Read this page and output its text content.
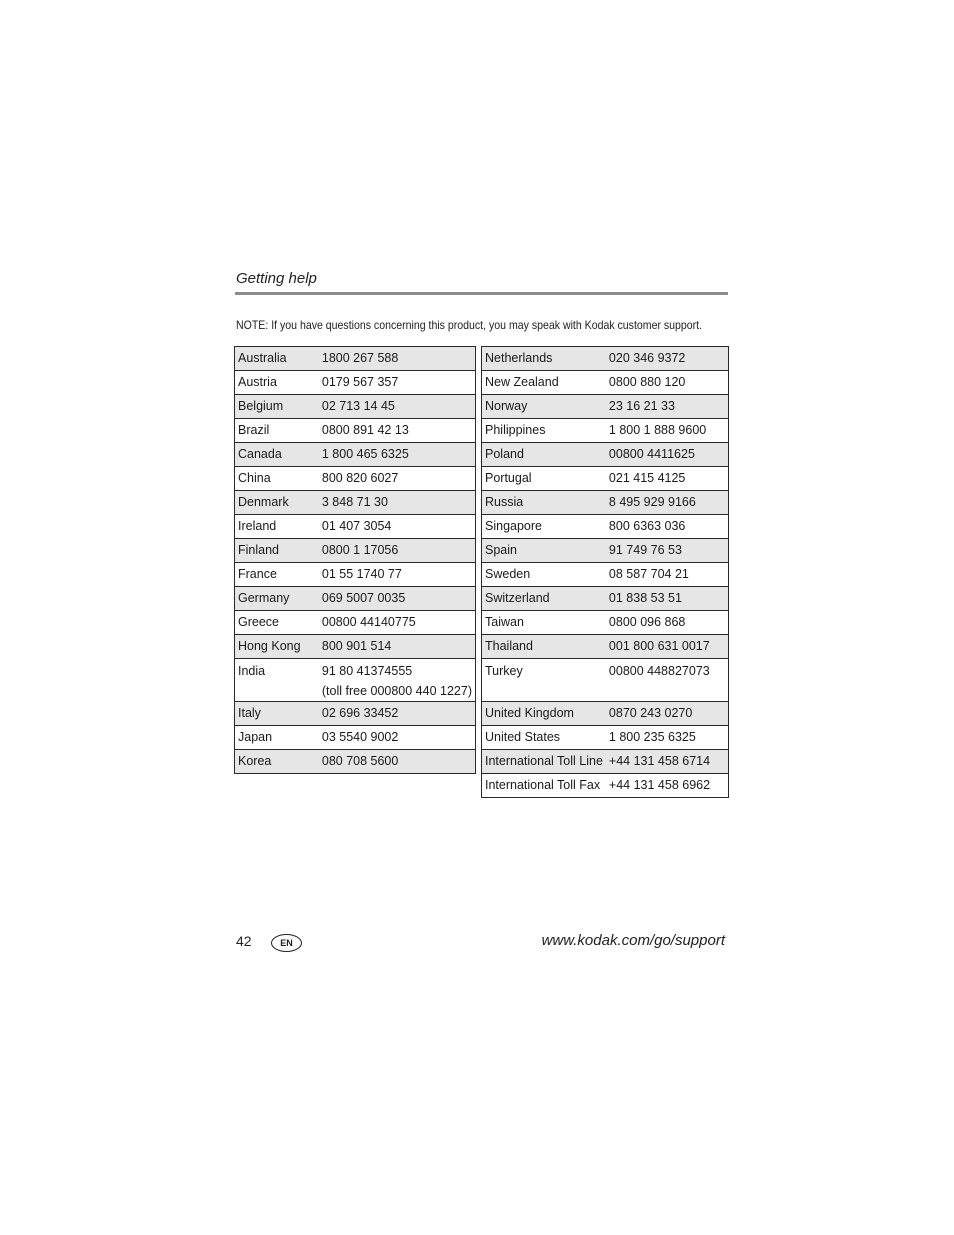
Getting help
NOTE: If you have questions concerning this product, you may speak with Kodak customer support.
Australia	1800 267 588
Austria	0179 567 357
Belgium	02 713 14 45
Brazil	0800 891 42 13
Canada	1 800 465 6325
China	800 820 6027
Denmark	3 848 71 30
Ireland	01 407 3054
Finland	0800 1 17056
France	01 55 1740 77
Germany	069 5007 0035
Greece	00800 44140775
Hong Kong	800 901 514

India	91 80 41374555
(toll free 000800 440 1227)

Italy	02 696 33452
Japan	03 5540 9002
Korea	080 708 5600
Netherlands	020 346 9372
New Zealand	0800 880 120
Norway	23 16 21 33
Philippines	1 800 1 888 9600
Poland	00800 4411625
Portugal	021 415 4125
Russia	8 495 929 9166
Singapore	800 6363 036
Spain	91 749 76 53
Sweden	08 587 704 21
Switzerland	01 838 53 51
Taiwan	0800 096 868
Thailand	001 800 631 0017

Turkey	00800 448827073

United Kingdom	0870 243 0270
United States	1 800 235 6325
International Toll Line	+44 131 458 6714
International Toll Fax	+44 131 458 6962
42	EN	www.kodak.com/go/support
